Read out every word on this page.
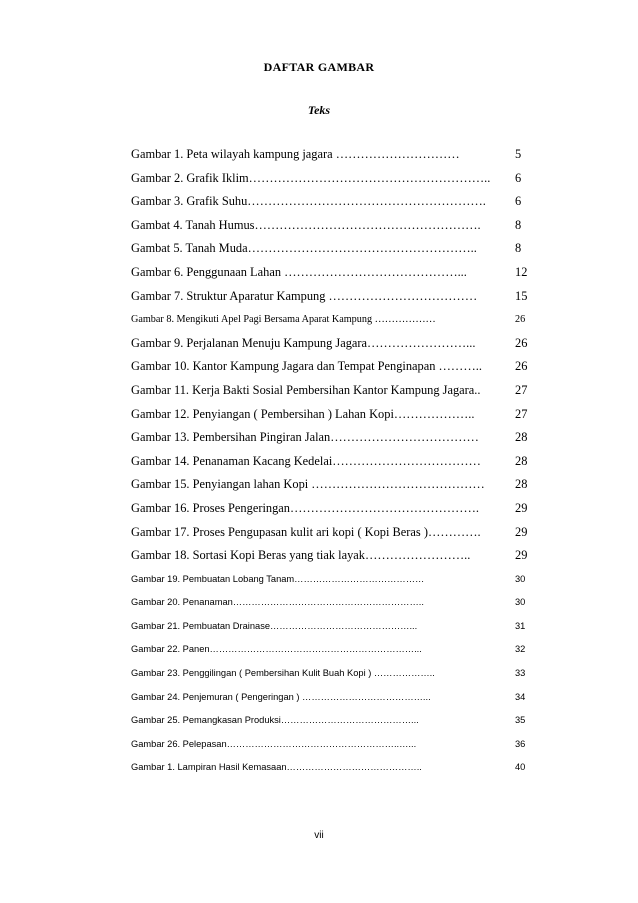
DAFTAR GAMBAR
Teks
Gambar 1. Peta wilayah kampung jagara …………………………	5
Gambar 2. Grafik Iklim………………………………………………….. 6
Gambar 3. Grafik Suhu…………………………………………………. 6
Gambat 4. Tanah Humus……………………………………………….	8
Gambat 5. Tanah Muda………………………………………………..	8
Gambar 6. Penggunaan Lahan ……………………………………...	12
Gambar 7. Struktur Aparatur Kampung ………………………………	15
Gambar 8. Mengikuti Apel Pagi Bersama Aparat Kampung ………………	26
Gambar 9. Perjalanan Menuju Kampung Jagara……………………...	26
Gambar 10. Kantor Kampung Jagara dan Tempat Penginapan ………..	26
Gambar 11. Kerja Bakti Sosial Pembersihan Kantor Kampung Jagara..	27
Gambar 12. Penyiangan ( Pembersihan ) Lahan Kopi………………..	27
Gambar 13. Pembersihan Pingiran Jalan………………………………	28
Gambar 14. Penanaman Kacang Kedelai………………………………	28
Gambar 15. Penyiangan lahan Kopi …………………………………… 28
Gambar 16. Proses Pengeringan……………………………………….	29
Gambar 17. Proses Pengupasan kulit ari kopi ( Kopi Beras )………….	29
Gambar 18. Sortasi Kopi Beras yang tiak layak……………………..	29
Gambar 19. Pembuatan Lobang Tanam……………………………………	30
Gambar 20. Penanaman……………………………………………………..	30
Gambar 21. Pembuatan Drainase………………………………………...	31
Gambar 22. Panen…………………………………………………………...	32
Gambar 23. Penggilingan ( Pembersihan Kulit Buah Kopi ) ………………..	33
Gambar 24. Penjemuran ( Pengeringan ) …………………………………...	34
Gambar 25. Pemangkasan Produksi……………………………………...	35
Gambar 26. Pelepasan………………………………………………..…...	36
Gambar 1. Lampiran Hasil Kemasaan……………………………………..	40
vii
